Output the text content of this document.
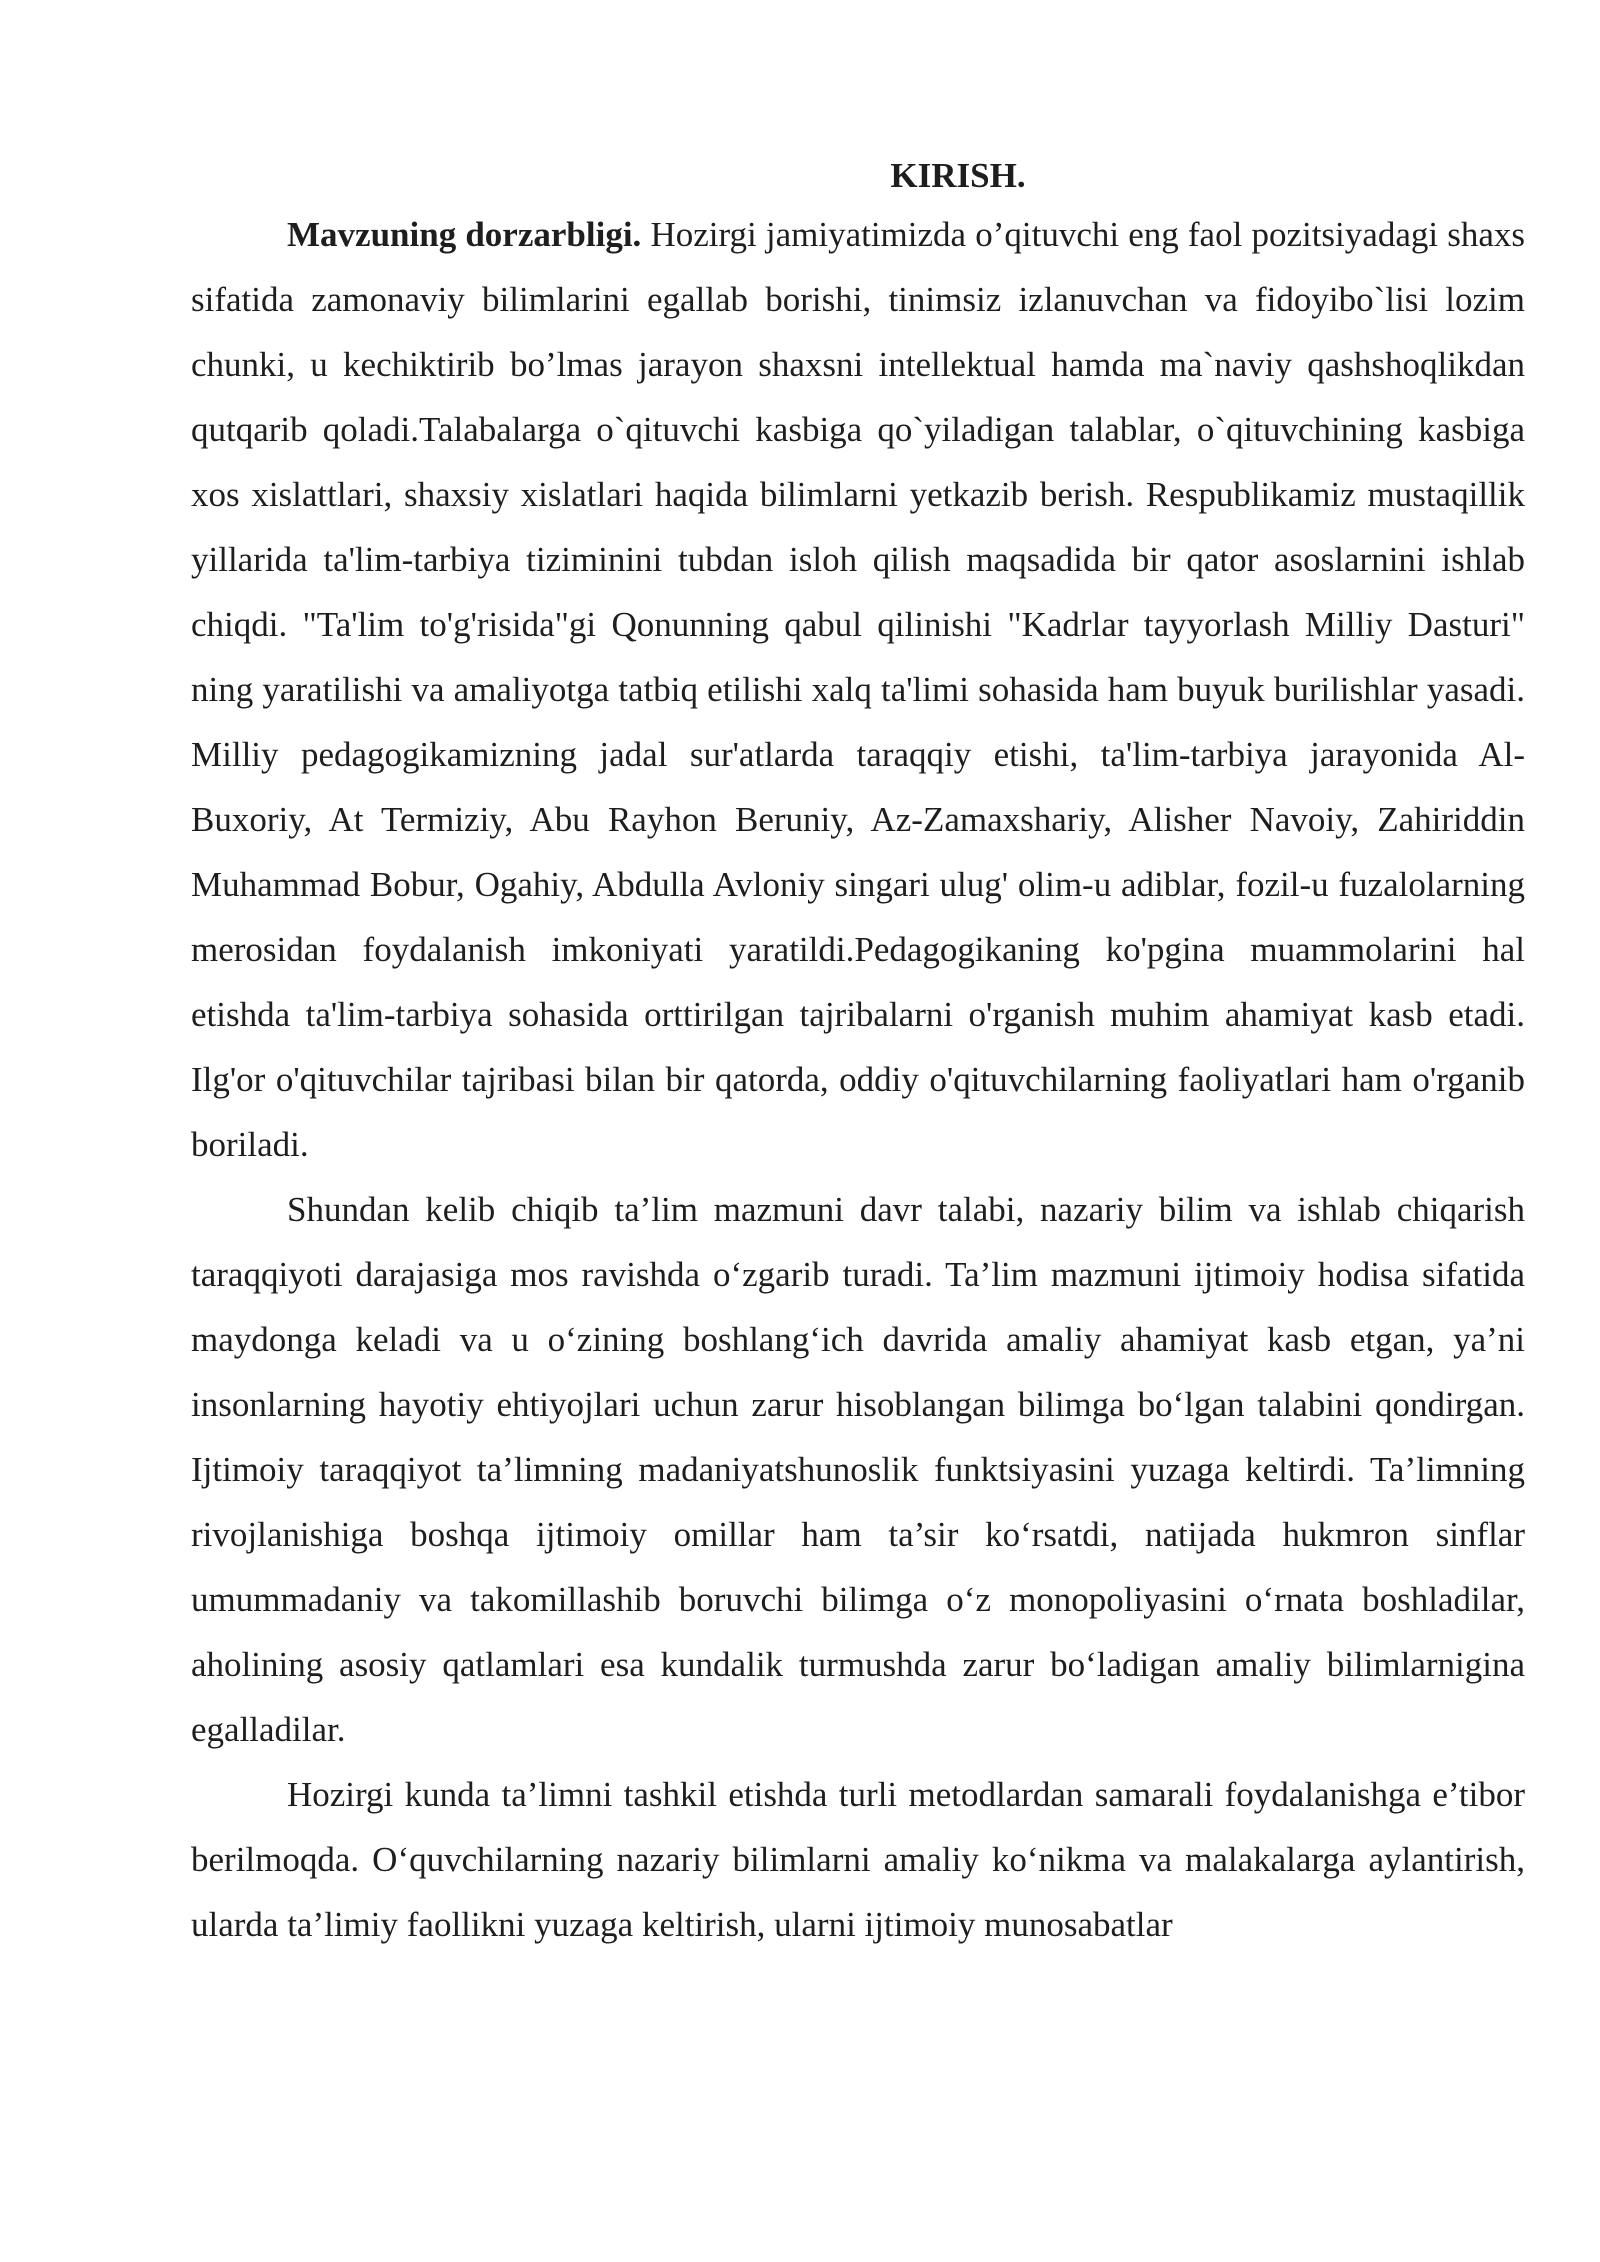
KIRISH.

Mavzuning dorzarbligi. Hozirgi jamiyatimizda o’qituvchi eng faol pozitsiyadagi shaxs sifatida zamonaviy bilimlarini egallab borishi, tinimsiz izlanuvchan va fidoyibo`lisi lozim chunki, u kechiktirib bo’lmas jarayon shaxsni intellektual hamda ma`naviy qashshoqlikdan qutqarib qoladi.Talabalarga o`qituvchi kasbiga qo`yiladigan talablar, o`qituvchining kasbiga xos xislattlari, shaxsiy xislatlari haqida bilimlarni yetkazib berish. Respublikamiz mustaqillik yillarida ta'lim-tarbiya tiziminini tubdan isloh qilish maqsadida bir qator asoslarnini ishlab chiqdi. "Ta'lim to'g'risida"gi Qonunning qabul qilinishi "Kadrlar tayyorlash Milliy Dasturi" ning yaratilishi va amaliyotga tatbiq etilishi xalq ta'limi sohasida ham buyuk burilishlar yasadi. Milliy pedagogikamizning jadal sur'atlarda taraqqiy etishi, ta'lim-tarbiya jarayonida Al-Buxoriy, At Termiziy, Abu Rayhon Beruniy, Az-Zamaxshariy, Alisher Navoiy, Zahiriddin Muhammad Bobur, Ogahiy, Abdulla Avloniy singari ulug' olim-u adiblar, fozil-u fuzalolarning merosidan foydalanish imkoniyati yaratildi.Pedagogikaning ko'pgina muammolarini hal etishda ta'lim-tarbiya sohasida orttirilgan tajribalarni o'rganish muhim ahamiyat kasb etadi. Ilg'or o'qituvchilar tajribasi bilan bir qatorda, oddiy o'qituvchilarning faoliyatlari ham o'rganib boriladi.

Shundan kelib chiqib ta’lim mazmuni davr talabi, nazariy bilim va ishlab chiqarish taraqqiyoti darajasiga mos ravishda o‘zgarib turadi. Ta’lim mazmuni ijtimoiy hodisa sifatida maydonga keladi va u o‘zining boshlang‘ich davrida amaliy ahamiyat kasb etgan, ya’ni insonlarning hayotiy ehtiyojlari uchun zarur hisoblangan bilimga bo‘lgan talabini qondirgan. Ijtimoiy taraqqiyot ta’limning madaniyatshunoslik funktsiyasini yuzaga keltirdi. Ta’limning rivojlanishiga boshqa ijtimoiy omillar ham ta’sir ko‘rsatdi, natijada hukmron sinflar umummadaniy va takomillashib boruvchi bilimga o‘z monopoliyasini o‘rnata boshladilar, aholining asosiy qatlamlari esa kundalik turmushda zarur bo‘ladigan amaliy bilimlarnigina egalladilar.

Hozirgi kunda ta’limni tashkil etishda turli metodlardan samarali foydalanishga e’tibor berilmoqda. O‘quvchilarning nazariy bilimlarni amaliy ko‘nikma va malakalarga aylantirish, ularda ta’limiy faollikni yuzaga keltirish, ularni ijtimoiy munosabatlar
